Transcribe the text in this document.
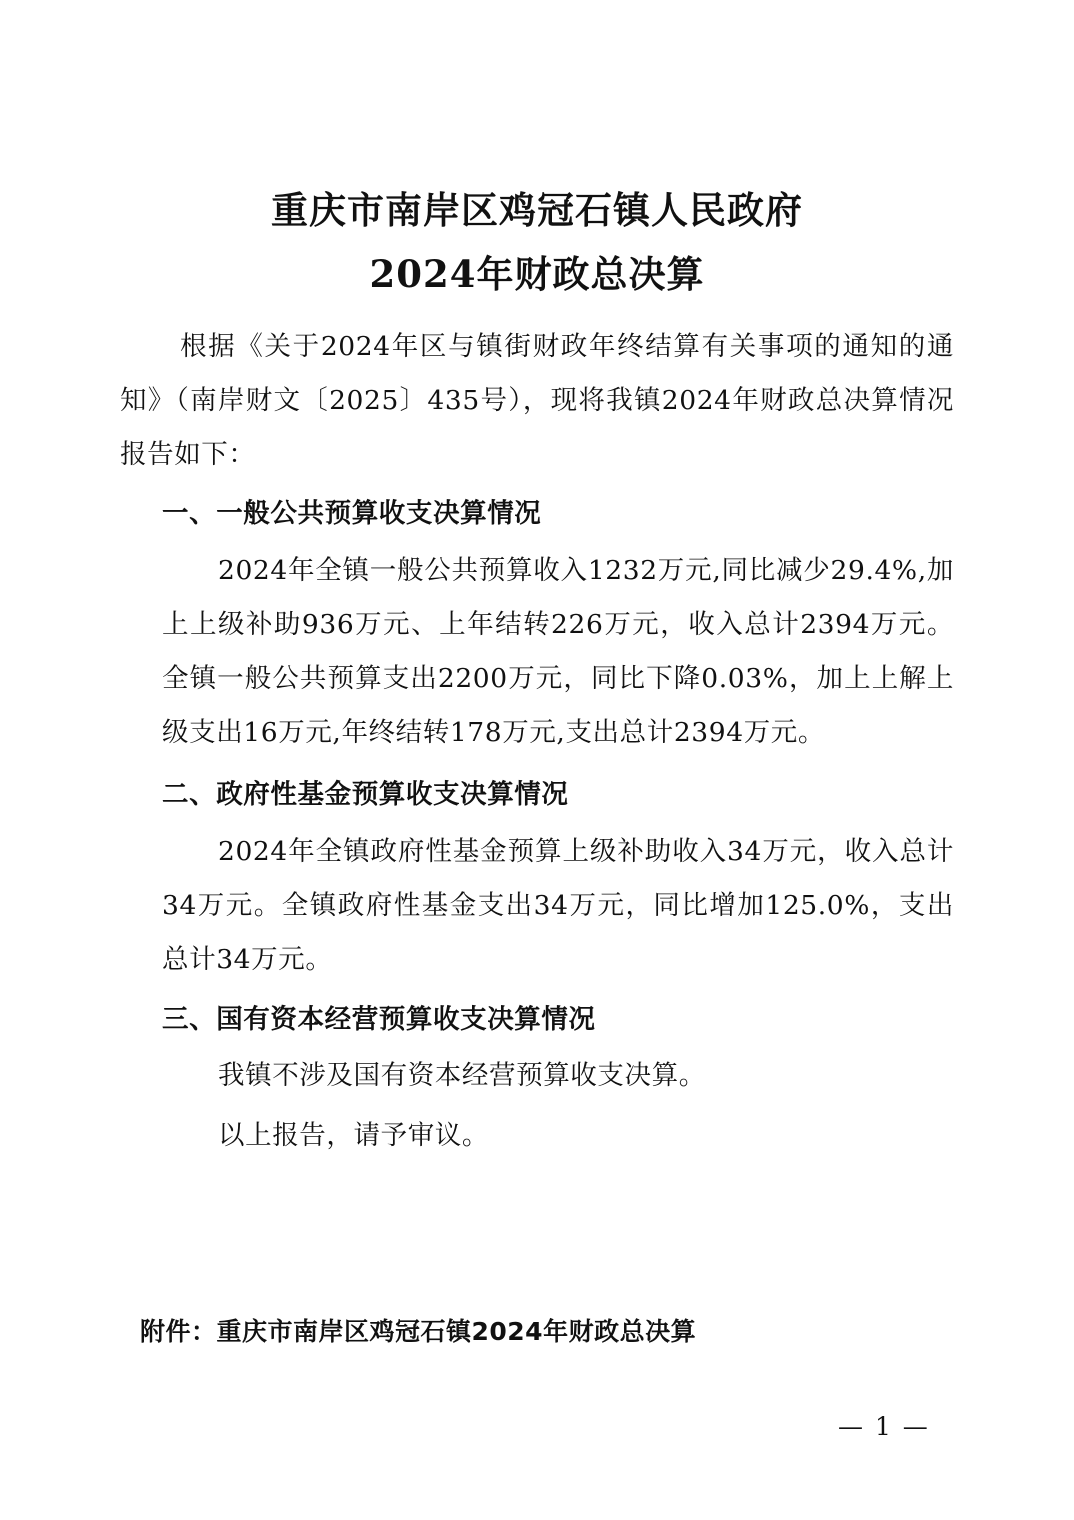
重庆市南岸区鸡冠石镇人民政府
2024年财政总决算

根据《关于2024年区与镇街财政年终结算有关事项的通知的通知》（南岸财文〔2025〕435号），现将我镇2024年财政总决算情况报告如下：

一、一般公共预算收支决算情况

2024年全镇一般公共预算收入1232万元,同比减少29.4%,加上上级补助936万元、上年结转226万元，收入总计2394万元。全镇一般公共预算支出2200万元，同比下降0.03%，加上上解上级支出16万元,年终结转178万元,支出总计2394万元。

二、政府性基金预算收支决算情况

2024年全镇政府性基金预算上级补助收入34万元，收入总计34万元。全镇政府性基金支出34万元，同比增加125.0%，支出总计34万元。

三、国有资本经营预算收支决算情况

我镇不涉及国有资本经营预算收支决算。

以上报告，请予审议。

附件：重庆市南岸区鸡冠石镇2024年财政总决算

— 1 —
